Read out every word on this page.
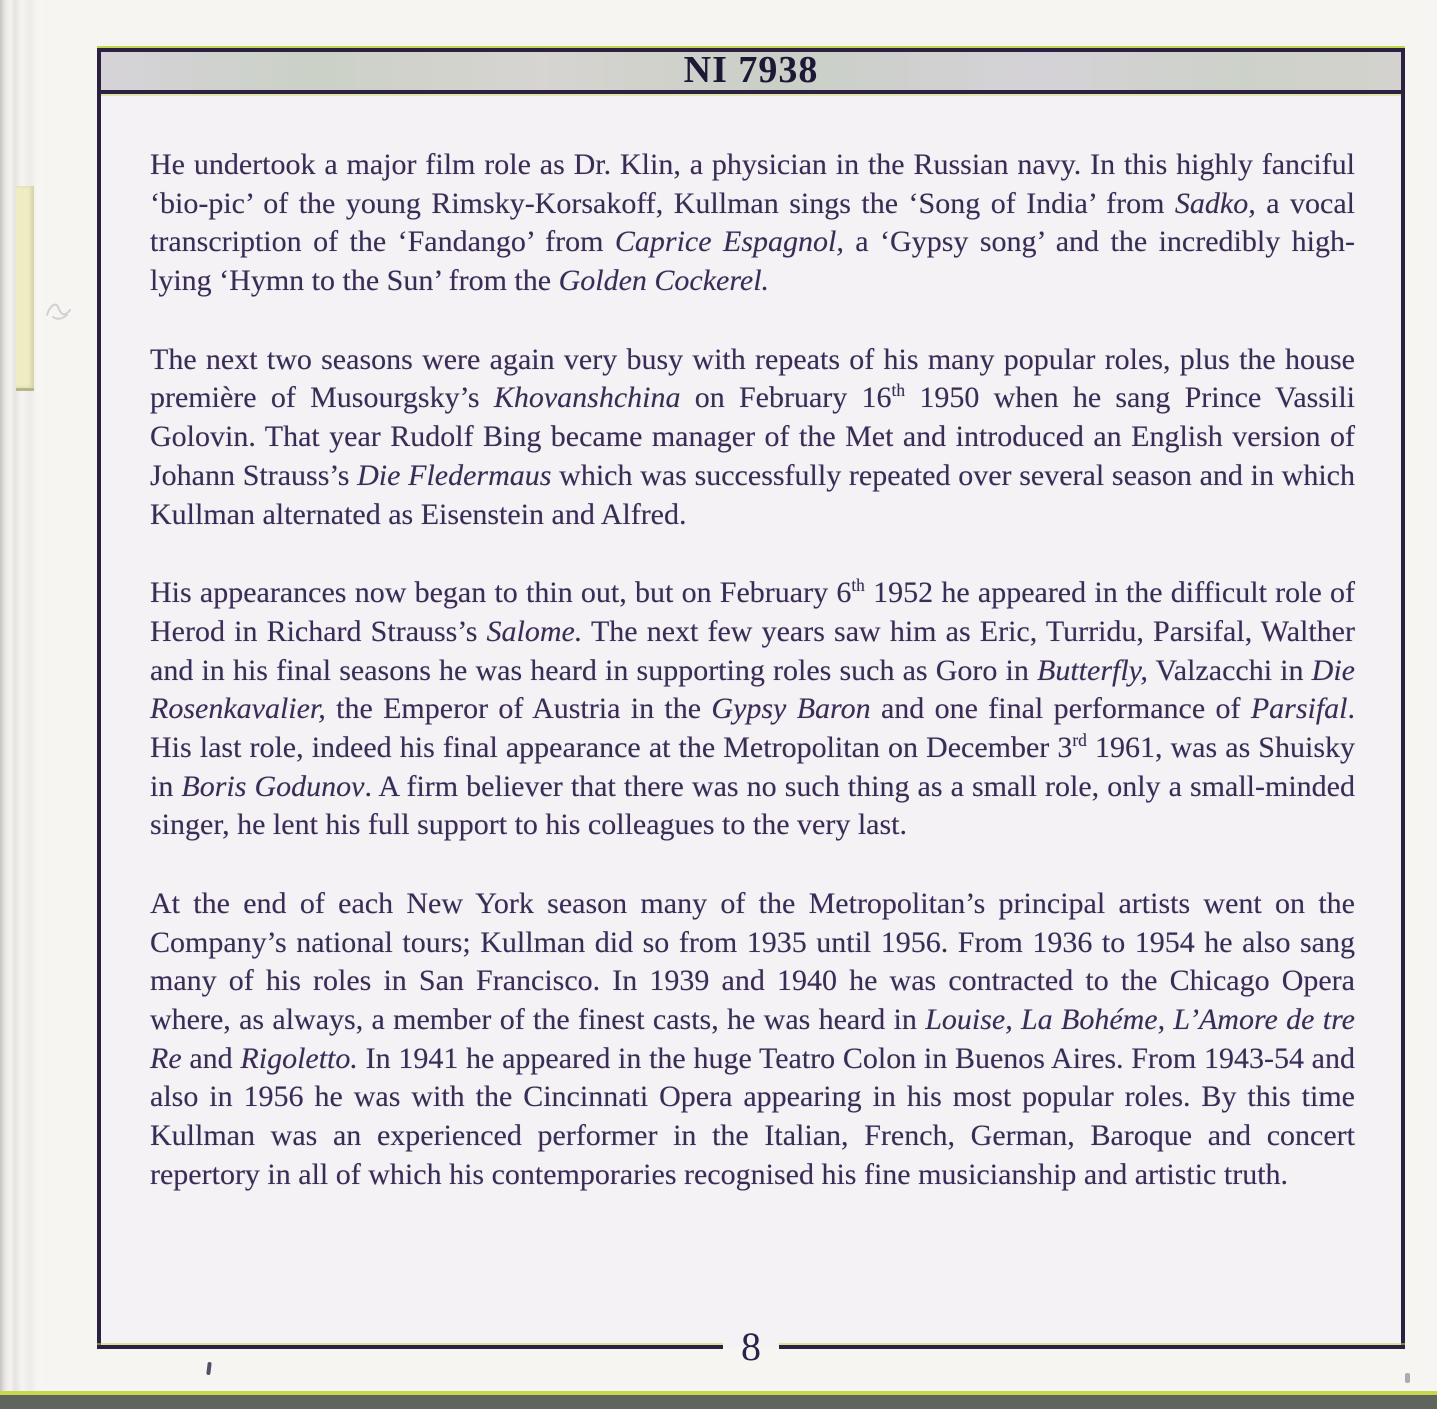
NI 7938

He undertook a major film role as Dr. Klin, a physician in the Russian navy. In this highly fanciful ‘bio-pic’ of the young Rimsky-Korsakoff, Kullman sings the ‘Song of India’ from Sadko, a vocal transcription of the ‘Fandango’ from Caprice Espagnol, a ‘Gypsy song’ and the incredibly high-lying ‘Hymn to the Sun’ from the Golden Cockerel.

The next two seasons were again very busy with repeats of his many popular roles, plus the house première of Musourgsky’s Khovanshchina on February 16th 1950 when he sang Prince Vassili Golovin. That year Rudolf Bing became manager of the Met and introduced an English version of Johann Strauss’s Die Fledermaus which was successfully repeated over several season and in which Kullman alternated as Eisenstein and Alfred.

His appearances now began to thin out, but on February 6th 1952 he appeared in the difficult role of Herod in Richard Strauss’s Salome. The next few years saw him as Eric, Turridu, Parsifal, Walther and in his final seasons he was heard in supporting roles such as Goro in Butterfly, Valzacchi in Die Rosenkavalier, the Emperor of Austria in the Gypsy Baron and one final performance of Parsifal. His last role, indeed his final appearance at the Metropolitan on December 3rd 1961, was as Shuisky in Boris Godunov. A firm believer that there was no such thing as a small role, only a small-minded singer, he lent his full support to his colleagues to the very last.

At the end of each New York season many of the Metropolitan’s principal artists went on the Company’s national tours; Kullman did so from 1935 until 1956. From 1936 to 1954 he also sang many of his roles in San Francisco. In 1939 and 1940 he was contracted to the Chicago Opera where, as always, a member of the finest casts, he was heard in Louise, La Bohéme, L’Amore de tre Re and Rigoletto. In 1941 he appeared in the huge Teatro Colon in Buenos Aires. From 1943-54 and also in 1956 he was with the Cincinnati Opera appearing in his most popular roles. By this time Kullman was an experienced performer in the Italian, French, German, Baroque and concert repertory in all of which his contemporaries recognised his fine musicianship and artistic truth.

8
